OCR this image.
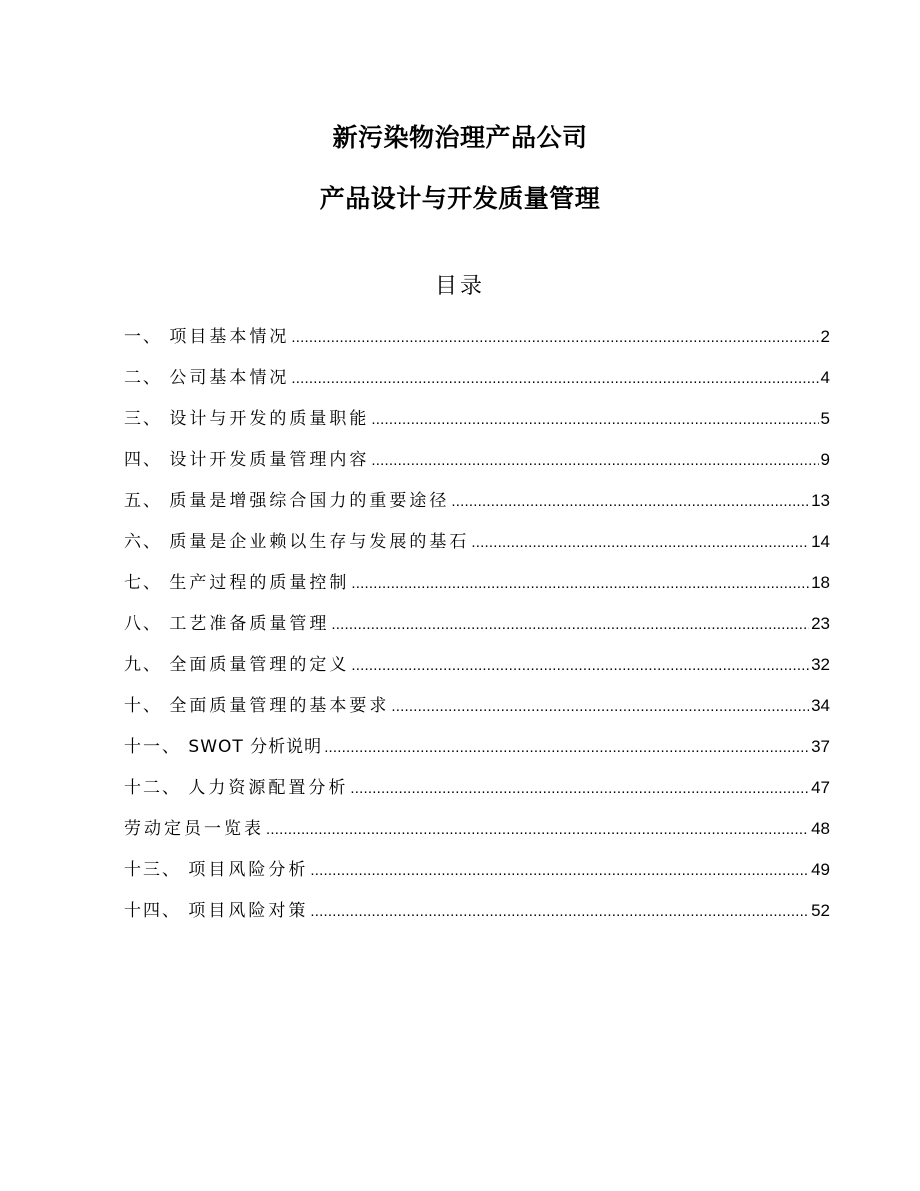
新污染物治理产品公司
产品设计与开发质量管理
目录
一、 项目基本情况 .....	2
二、 公司基本情况 .....	4
三、 设计与开发的质量职能 .....	5
四、 设计开发质量管理内容 .....	9
五、 质量是增强综合国力的重要途径 .....	13
六、 质量是企业赖以生存与发展的基石 .....	14
七、 生产过程的质量控制 .....	18
八、 工艺准备质量管理 .....	23
九、 全面质量管理的定义 .....	32
十、 全面质量管理的基本要求 .....	34
十一、 SWOT 分析说明 .....	37
十二、 人力资源配置分析 .....	47
劳动定员一览表 .....	48
十三、 项目风险分析 .....	49
十四、 项目风险对策 .....	52
